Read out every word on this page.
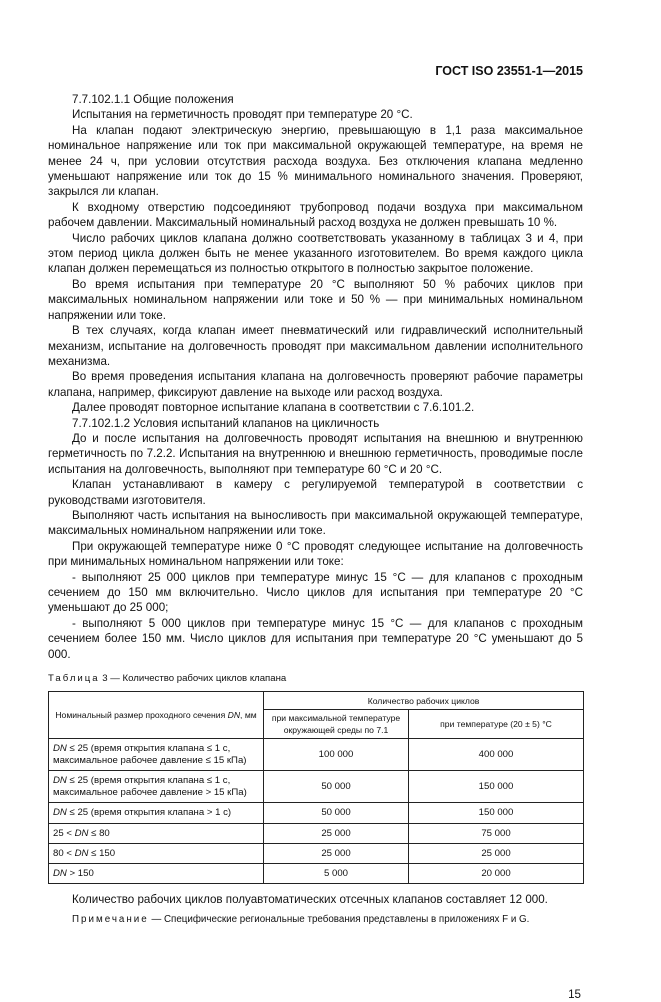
ГОСТ ISO 23551-1—2015

7.7.102.1.1 Общие положения

Испытания на герметичность проводят при температуре 20 °C.

На клапан подают электрическую энергию, превышающую в 1,1 раза максимальное номинальное напряжение или ток при максимальной окружающей температуре, на время не менее 24 ч, при условии отсутствия расхода воздуха. Без отключения клапана медленно уменьшают напряжение или ток до 15 % минимального номинального значения. Проверяют, закрылся ли клапан.

К входному отверстию подсоединяют трубопровод подачи воздуха при максимальном рабочем давлении. Максимальный номинальный расход воздуха не должен превышать 10 %.

Число рабочих циклов клапана должно соответствовать указанному в таблицах 3 и 4, при этом период цикла должен быть не менее указанного изготовителем. Во время каждого цикла клапан должен перемещаться из полностью открытого в полностью закрытое положение.

Во время испытания при температуре 20 °C выполняют 50 % рабочих циклов при максимальных номинальном напряжении или токе и 50 % — при минимальных номинальном напряжении или токе.

В тех случаях, когда клапан имеет пневматический или гидравлический исполнительный механизм, испытание на долговечность проводят при максимальном давлении исполнительного механизма.

Во время проведения испытания клапана на долговечность проверяют рабочие параметры клапана, например, фиксируют давление на выходе или расход воздуха.

Далее проводят повторное испытание клапана в соответствии с 7.6.101.2.

7.7.102.1.2 Условия испытаний клапанов на цикличность

До и после испытания на долговечность проводят испытания на внешнюю и внутреннюю герметичность по 7.2.2. Испытания на внутреннюю и внешнюю герметичность, проводимые после испытания на долговечность, выполняют при температуре 60 °C и 20 °C.

Клапан устанавливают в камеру с регулируемой температурой в соответствии с руководствами изготовителя.

Выполняют часть испытания на выносливость при максимальной окружающей температуре, максимальных номинальном напряжении или токе.

При окружающей температуре ниже 0 °C проводят следующее испытание на долговечность при минимальных номинальном напряжении или токе:

- выполняют 25 000 циклов при температуре минус 15 °C — для клапанов с проходным сечением до 150 мм включительно. Число циклов для испытания при температуре 20 °C уменьшают до 25 000;

- выполняют 5 000 циклов при температуре минус 15 °C — для клапанов с проходным сечением более 150 мм. Число циклов для испытания при температуре 20 °C уменьшают до 5 000.

Таблица 3 — Количество рабочих циклов клапана
Номинальный размер проходного сечения DN, мм	Количество рабочих циклов	
	при максимальной температуре окружающей среды по 7.1	при температуре (20 ± 5) °C
DN ≤ 25 (время открытия клапана ≤ 1 с, максимальное рабочее давление ≤ 15 кПа)	100 000	400 000
DN ≤ 25 (время открытия клапана ≤ 1 с, максимальное рабочее давление > 15 кПа)	50 000	150 000
DN ≤ 25 (время открытия клапана > 1 с)	50 000	150 000
25 < DN ≤ 80	25 000	75 000
80 < DN ≤ 150	25 000	25 000
DN > 150	5 000	20 000
Количество рабочих циклов полуавтоматических отсечных клапанов составляет 12 000.
Примечание — Специфические региональные требования представлены в приложениях F и G.
15
